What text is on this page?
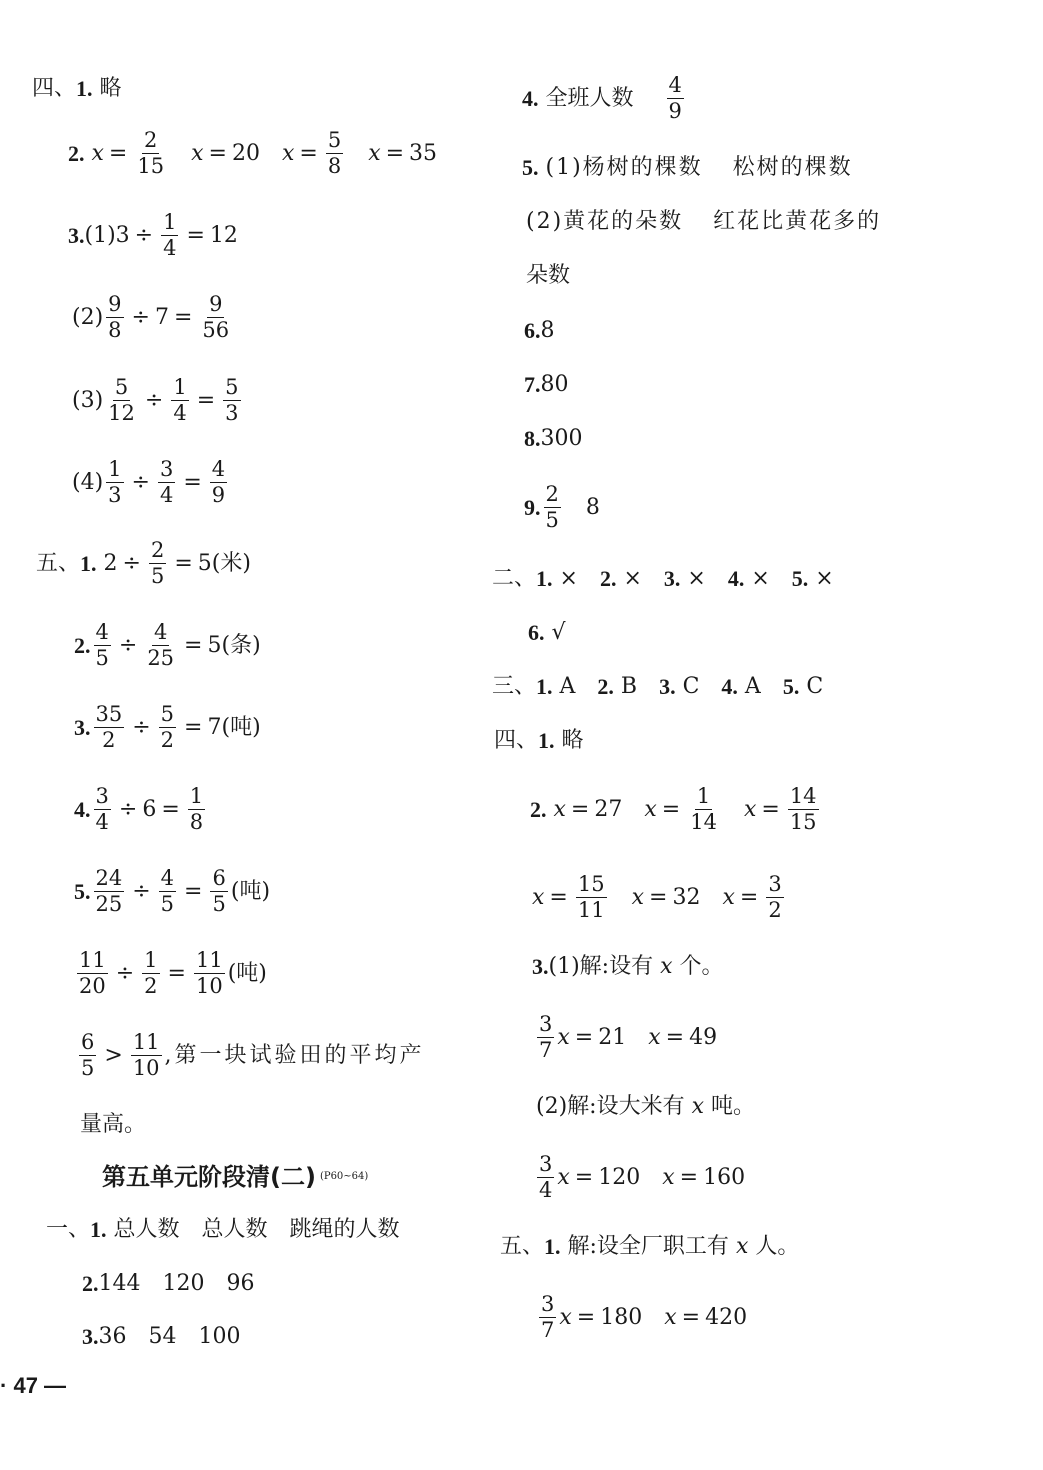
四、 1.
略
2.
$x = \frac{2}{15}$ x = 20 $x = \frac{5}{8}$ x = 35
3. (1) $3 \div \frac{1}{4} = 12$
$(2) \frac{9}{8} \div 7 = \frac{9}{56}$
$(3) \frac{5}{12} \div \frac{1}{4} = \frac{5}{3}$
$(4) \frac{1}{3} \div \frac{3}{4} = \frac{4}{9}$
五、 1. $2 \div \frac{2}{5} = 5$ (米)
2. $\frac{4}{5} \div \frac{4}{25} = 5$ (条)
3. $\frac{35}{2} \div \frac{5}{2} = 7$ (吨)
4. $\frac{3}{4} \div 6 = \frac{1}{8}$
5. $\frac{24}{25} \div \frac{4}{5} = \frac{6}{5}$ (吨)
$\frac{11}{20} \div \frac{1}{2} = \frac{11}{10}$ (吨)
$\frac{6}{5} > \frac{11}{10}$ ,第一块试验田的平均产
量高。
第五单元阶段清(二) (P60~64)
一、 1.
总人数 总人数 跳绳的人数
2. 144 120 96
3. 36 54 100
· 47 —
4.
全班人数 $\frac{4}{9}$
5.
(1)杨树的棵数 松树的棵数
(2)黄花的朵数 红花比黄花多的
朵数
6. 8
7. 80
8. 300
9. $\frac{2}{5} 8$
二、 1.
× 2.
× 3.
× 4.
× 5.
×
6.
√
三、 1.
A 2.
B 3.
C 4.
A 5.
C
四、 1.
略
2.
x = 27 $x = \frac{1}{14}$ $x = \frac{14}{15}$
$x = \frac{15}{11}$ x = 32 $x = \frac{3}{2}$
3. (1)解:设有
x
个。
$\frac{3}{7}$ x = 21 x = 49
(2)解:设大米有
x
吨。
$\frac{3}{4}$ x = 120 x = 160
五、 1.
解:设全厂职工有
x
人。
$\frac{3}{7}$ x = 180 x = 420
